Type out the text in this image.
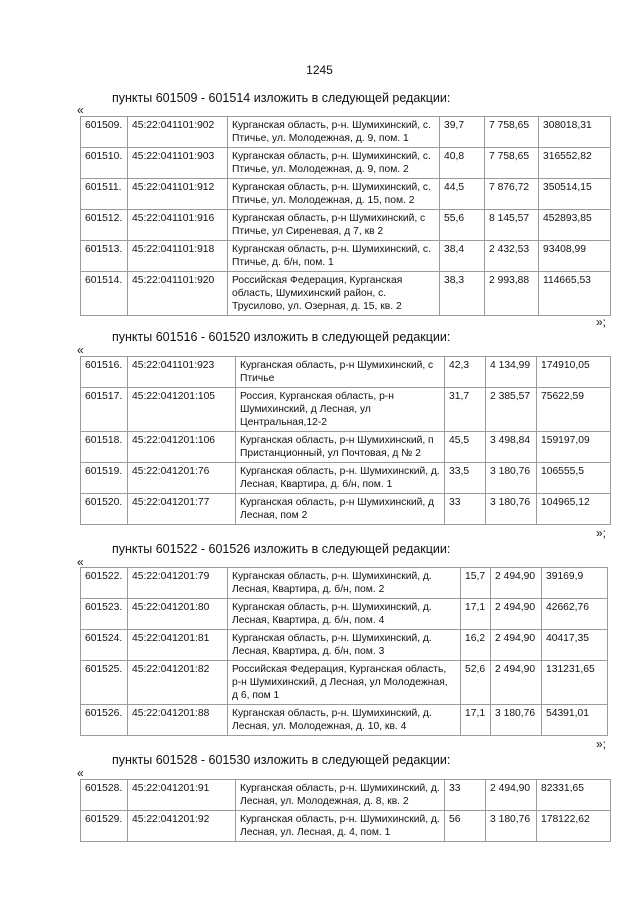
1245
пункты 601509 - 601514 изложить в следующей редакции:
«
601509.	45:22:041101:902	Курганская область, р-н. Шумихинский, с. Птичье, ул. Молодежная, д. 9, пом. 1	39,7	7 758,65	308018,31
601510.	45:22:041101:903	Курганская область, р-н. Шумихинский, с. Птичье, ул. Молодежная, д. 9, пом. 2	40,8	7 758,65	316552,82
601511.	45:22:041101:912	Курганская область, р-н. Шумихинский, с. Птичье, ул. Молодежная, д. 15, пом. 2	44,5	7 876,72	350514,15
601512.	45:22:041101:916	Курганская область, р-н Шумихинский, с Птичье, ул Сиреневая, д 7, кв 2	55,6	8 145,57	452893,85
601513.	45:22:041101:918	Курганская область, р-н. Шумихинский, с. Птичье, д. б/н, пом. 1	38,4	2 432,53	93408,99
601514.	45:22:041101:920	Российская Федерация, Курганская область, Шумихинский район, с. Трусилово, ул. Озерная, д. 15, кв. 2	38,3	2 993,88	114665,53
»;
пункты 601516 - 601520 изложить в следующей редакции:
«
601516.	45:22:041101:923	Курганская область, р-н Шумихинский, с Птичье	42,3	4 134,99	174910,05
601517.	45:22:041201:105	Россия, Курганская область, р-н Шумихинский, д Лесная, ул Центральная,12-2	31,7	2 385,57	75622,59
601518.	45:22:041201:106	Курганская область, р-н Шумихинский, п Пристанционный, ул Почтовая, д № 2	45,5	3 498,84	159197,09
601519.	45:22:041201:76	Курганская область, р-н. Шумихинский, д. Лесная, Квартира, д. б/н, пом. 1	33,5	3 180,76	106555,5
601520.	45:22:041201:77	Курганская область, р-н Шумихинский, д Лесная, пом 2	33	3 180,76	104965,12
»;
пункты 601522 - 601526 изложить в следующей редакции:
«
601522.	45:22:041201:79	Курганская область, р-н. Шумихинский, д. Лесная, Квартира, д. б/н, пом. 2	15,7	2 494,90	39169,9
601523.	45:22:041201:80	Курганская область, р-н. Шумихинский, д. Лесная, Квартира, д. б/н, пом. 4	17,1	2 494,90	42662,76
601524.	45:22:041201:81	Курганская область, р-н. Шумихинский, д. Лесная, Квартира, д. б/н, пом. 3	16,2	2 494,90	40417,35
601525.	45:22:041201:82	Российская Федерация, Курганская область, р-н Шумихинский, д Лесная, ул Молодежная, д 6, пом 1	52,6	2 494,90	131231,65
601526.	45:22:041201:88	Курганская область, р-н. Шумихинский, д. Лесная, ул. Молодежная, д. 10, кв. 4	17,1	3 180,76	54391,01
»;
пункты 601528 - 601530 изложить в следующей редакции:
«
601528.	45:22:041201:91	Курганская область, р-н. Шумихинский, д. Лесная, ул. Молодежная, д. 8, кв. 2	33	2 494,90	82331,65
601529.	45:22:041201:92	Курганская область, р-н. Шумихинский, д. Лесная, ул. Лесная, д. 4, пом. 1	56	3 180,76	178122,62
